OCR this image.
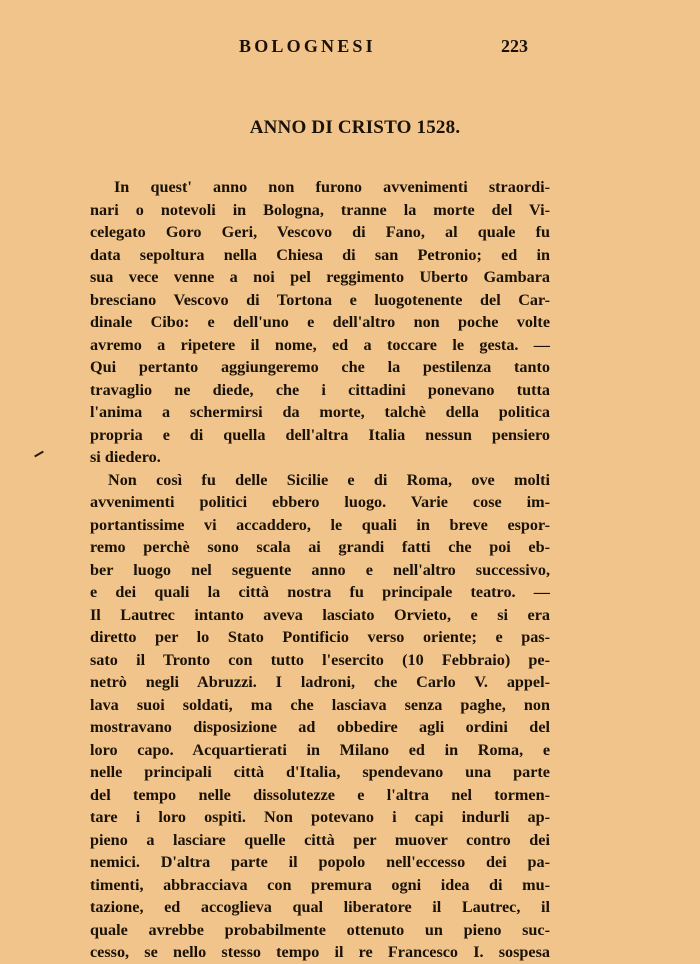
BOLOGNESI	223
ANNO DI CRISTO 1528.
In quest' anno non furono avvenimenti straordi-
nari o notevoli in Bologna, tranne la morte del Vi-
celegato Goro Geri, Vescovo di Fano, al quale fu
data sepoltura nella Chiesa di san Petronio; ed in
sua vece venne a noi pel reggimento Uberto Gambara
bresciano Vescovo di Tortona e luogotenente del Car-
dinale Cibo: e dell'uno e dell'altro non poche volte
avremo a ripetere il nome, ed a toccare le gesta. —
Qui pertanto aggiungeremo che la pestilenza tanto
travaglio ne diede, che i cittadini ponevano tutta
l'anima a schermirsi da morte, talchè della politica
propria e di quella dell'altra Italia nessun pensiero
si diedero.
Non così fu delle Sicilie e di Roma, ove molti
avvenimenti politici ebbero luogo. Varie cose im-
portantissime vi accaddero, le quali in breve espor-
remo perchè sono scala ai grandi fatti che poi eb-
ber luogo nel seguente anno e nell'altro successivo,
e dei quali la città nostra fu principale teatro. —
Il Lautrec intanto aveva lasciato Orvieto, e si era
diretto per lo Stato Pontificio verso oriente; e pas-
sato il Tronto con tutto l'esercito (10 Febbraio) pe-
netrò negli Abruzzi. I ladroni, che Carlo V. appel-
lava suoi soldati, ma che lasciava senza paghe, non
mostravano disposizione ad obbedire agli ordini del
loro capo. Acquartierati in Milano ed in Roma, e
nelle principali città d'Italia, spendevano una parte
del tempo nelle dissolutezze e l'altra nel tormen-
tare i loro ospiti. Non potevano i capi indurli ap-
pieno a lasciare quelle città per muover contro dei
nemici. D'altra parte il popolo nell'eccesso dei pa-
timenti, abbracciava con premura ogni idea di mu-
tazione, ed accoglieva qual liberatore il Lautrec, il
quale avrebbe probabilmente ottenuto un pieno suc-
cesso, se nello stesso tempo il re Francesco I. sospesa
